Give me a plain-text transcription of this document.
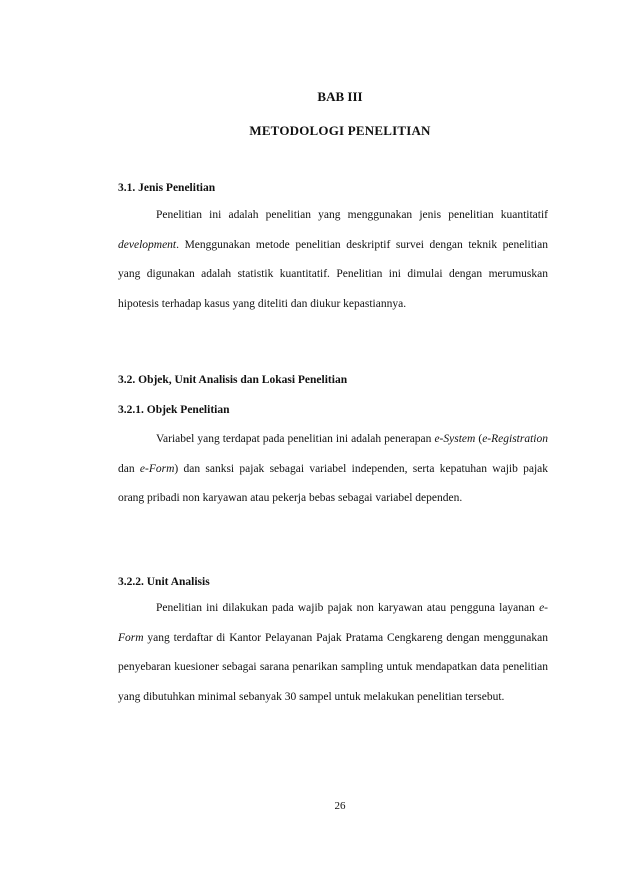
BAB III
METODOLOGI PENELITIAN
3.1. Jenis Penelitian

Penelitian ini adalah penelitian yang menggunakan jenis penelitian kuantitatif development. Menggunakan metode penelitian deskriptif survei dengan teknik penelitian yang digunakan adalah statistik kuantitatif. Penelitian ini dimulai dengan merumuskan hipotesis terhadap kasus yang diteliti dan diukur kepastiannya.

3.2. Objek, Unit Analisis dan Lokasi Penelitian
3.2.1. Objek Penelitian

Variabel yang terdapat pada penelitian ini adalah penerapan e-System (e-Registration dan e-Form) dan sanksi pajak sebagai variabel independen, serta kepatuhan wajib pajak orang pribadi non karyawan atau pekerja bebas sebagai variabel dependen.

3.2.2. Unit Analisis

Penelitian ini dilakukan pada wajib pajak non karyawan atau pengguna layanan e-Form yang terdaftar di Kantor Pelayanan Pajak Pratama Cengkareng dengan menggunakan penyebaran kuesioner sebagai sarana penarikan sampling untuk mendapatkan data penelitian yang dibutuhkan minimal sebanyak 30 sampel untuk melakukan penelitian tersebut.

26
